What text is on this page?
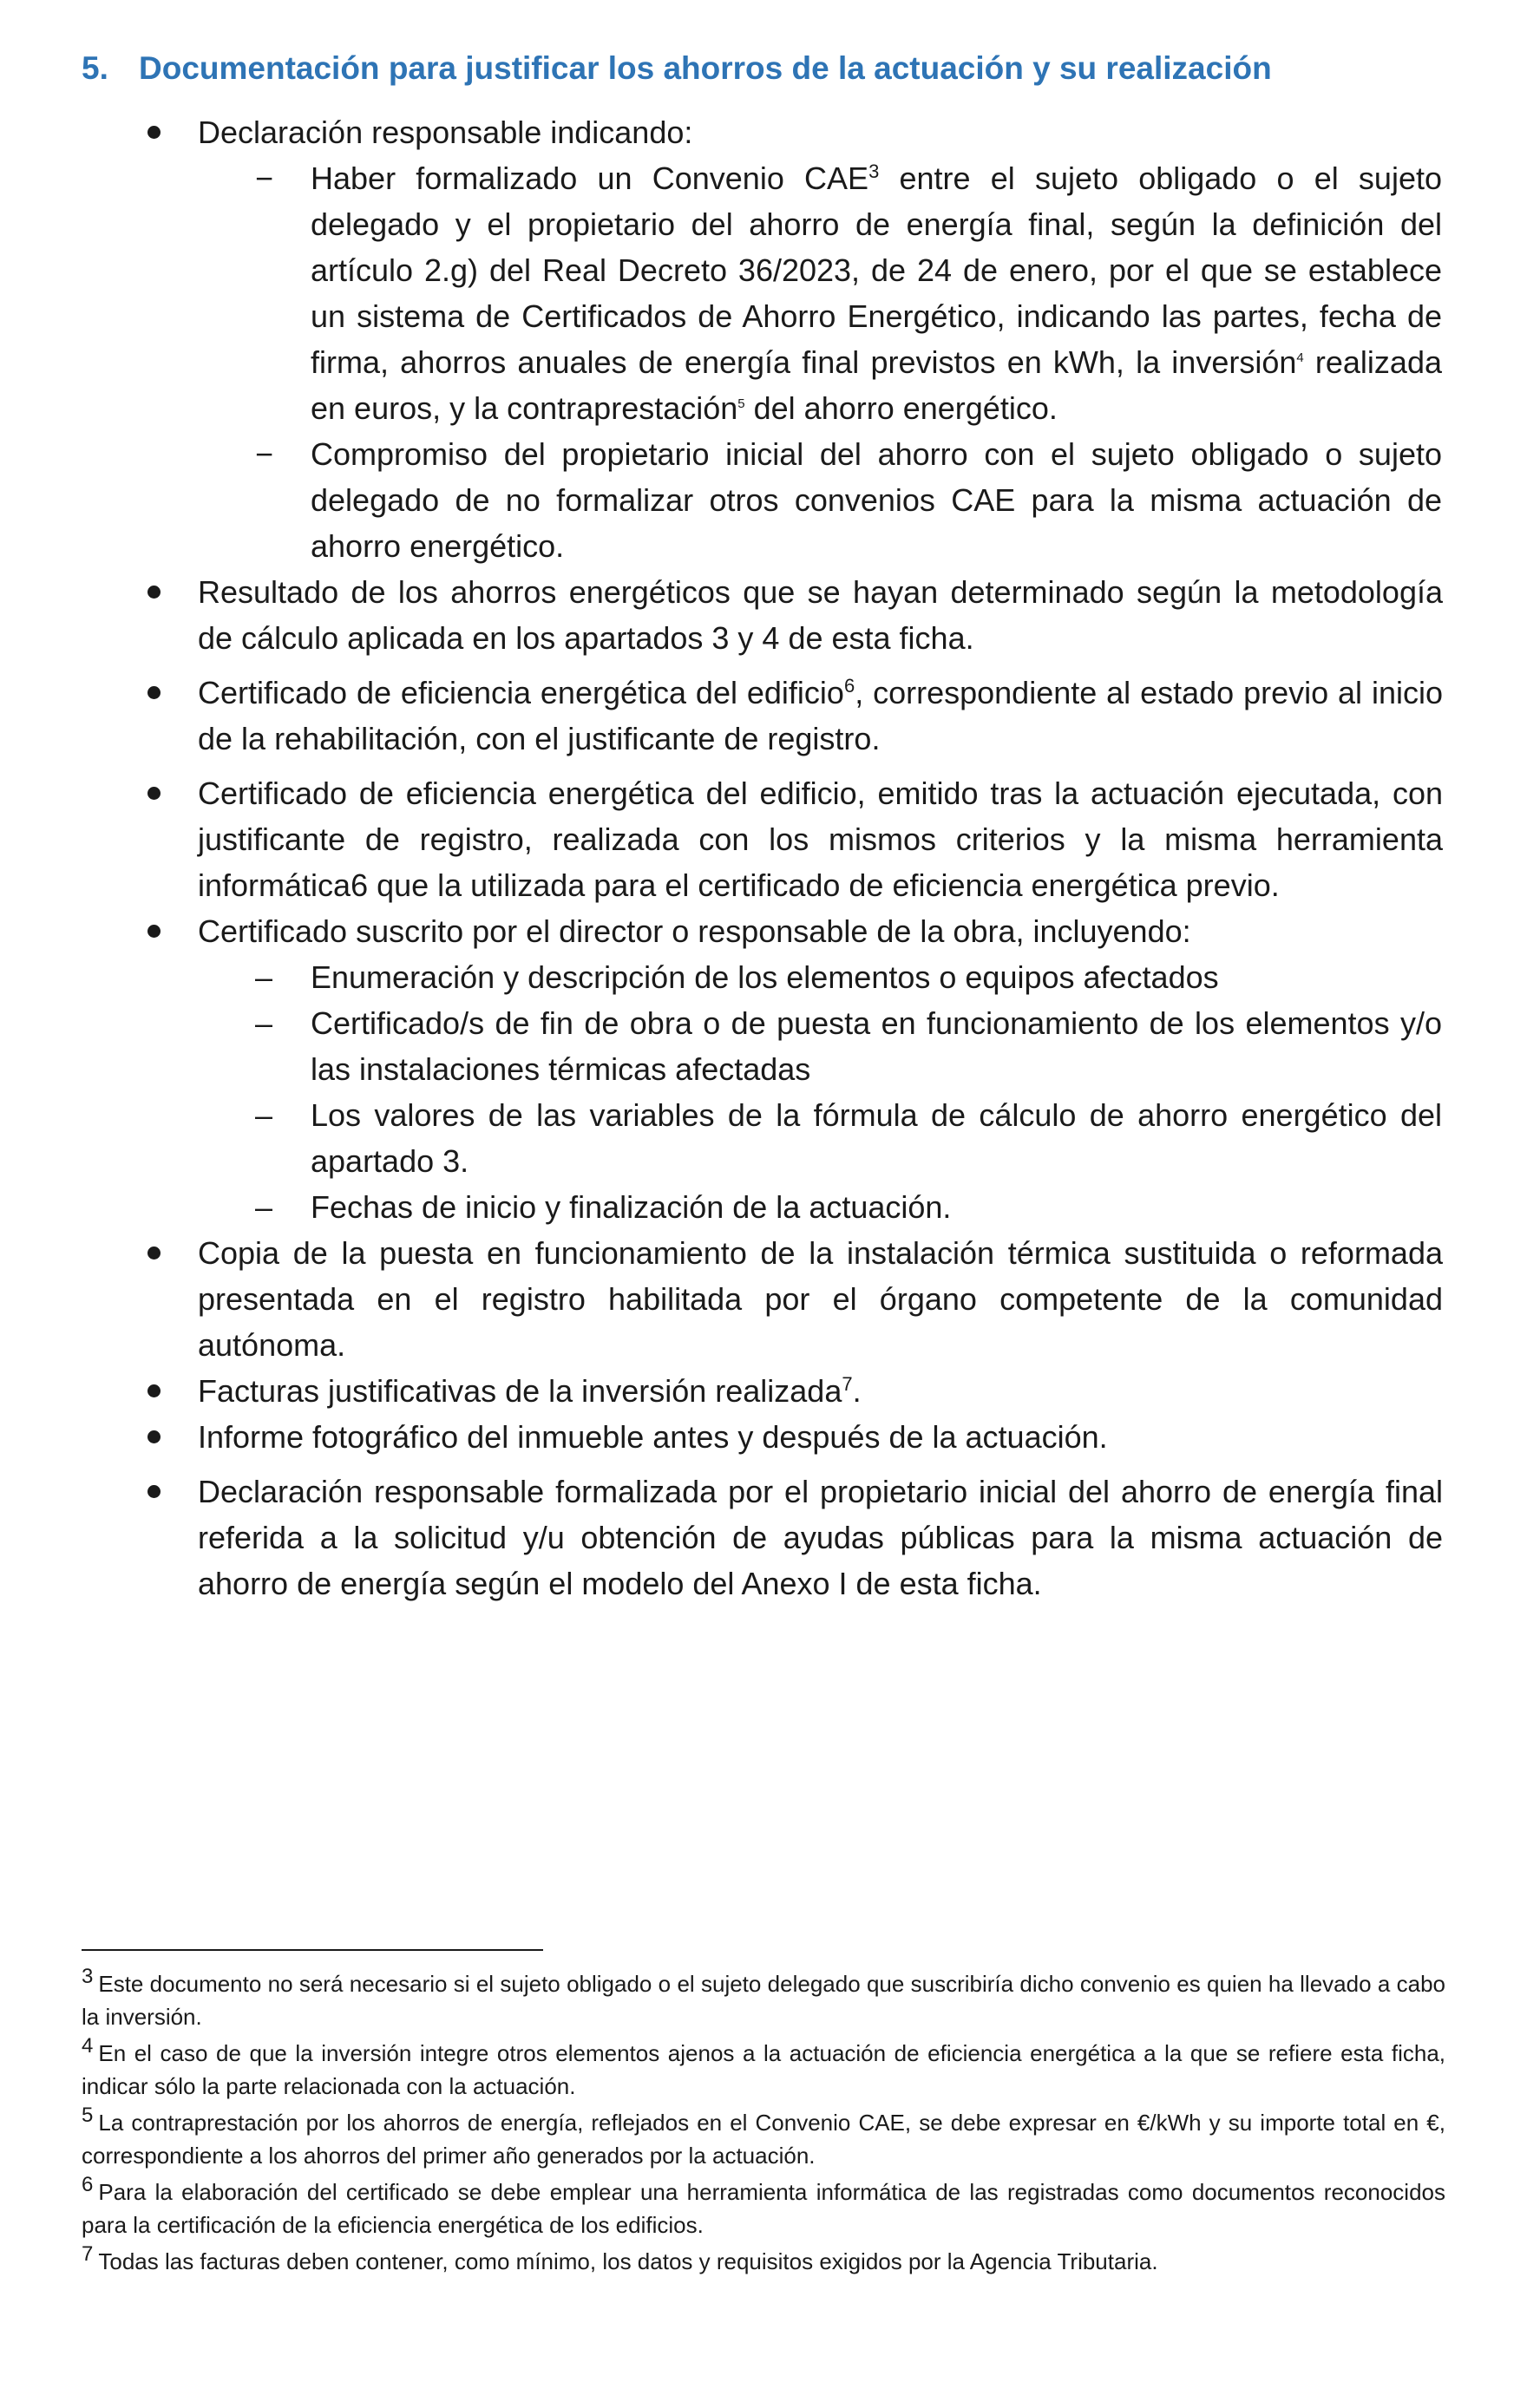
5. Documentación para justificar los ahorros de la actuación y su realización
Declaración responsable indicando:
− Haber formalizado un Convenio CAE$^3$ entre el sujeto obligado o el sujeto delegado y el propietario del ahorro de energía final, según la definición del artículo 2.g) del Real Decreto 36/2023, de 24 de enero, por el que se establece un sistema de Certificados de Ahorro Energético, indicando las partes, fecha de firma, ahorros anuales de energía final previstos en kWh, la inversión$^4$ realizada en euros, y la contraprestación$^5$ del ahorro energético.
− Compromiso del propietario inicial del ahorro con el sujeto obligado o sujeto delegado de no formalizar otros convenios CAE para la misma actuación de ahorro energético.
Resultado de los ahorros energéticos que se hayan determinado según la metodología de cálculo aplicada en los apartados 3 y 4 de esta ficha.
Certificado de eficiencia energética del edificio$^6$, correspondiente al estado previo al inicio de la rehabilitación, con el justificante de registro.
Certificado de eficiencia energética del edificio, emitido tras la actuación ejecutada, con justificante de registro, realizada con los mismos criterios y la misma herramienta informática6 que la utilizada para el certificado de eficiencia energética previo.
Certificado suscrito por el director o responsable de la obra, incluyendo:
– Enumeración y descripción de los elementos o equipos afectados
– Certificado/s de fin de obra o de puesta en funcionamiento de los elementos y/o las instalaciones térmicas afectadas
– Los valores de las variables de la fórmula de cálculo de ahorro energético del apartado 3.
– Fechas de inicio y finalización de la actuación.
Copia de la puesta en funcionamiento de la instalación térmica sustituida o reformada presentada en el registro habilitada por el órgano competente de la comunidad autónoma.
Facturas justificativas de la inversión realizada$^7$.
Informe fotográfico del inmueble antes y después de la actuación.
Declaración responsable formalizada por el propietario inicial del ahorro de energía final referida a la solicitud y/u obtención de ayudas públicas para la misma actuación de ahorro de energía según el modelo del Anexo I de esta ficha.
$^3$ Este documento no será necesario si el sujeto obligado o el sujeto delegado que suscribiría dicho convenio es quien ha llevado a cabo la inversión.
$^4$ En el caso de que la inversión integre otros elementos ajenos a la actuación de eficiencia energética a la que se refiere esta ficha, indicar sólo la parte relacionada con la actuación.
$^5$ La contraprestación por los ahorros de energía, reflejados en el Convenio CAE, se debe expresar en €/kWh y su importe total en €, correspondiente a los ahorros del primer año generados por la actuación.
$^6$ Para la elaboración del certificado se debe emplear una herramienta informática de las registradas como documentos reconocidos para la certificación de la eficiencia energética de los edificios.
$^7$ Todas las facturas deben contener, como mínimo, los datos y requisitos exigidos por la Agencia Tributaria.
